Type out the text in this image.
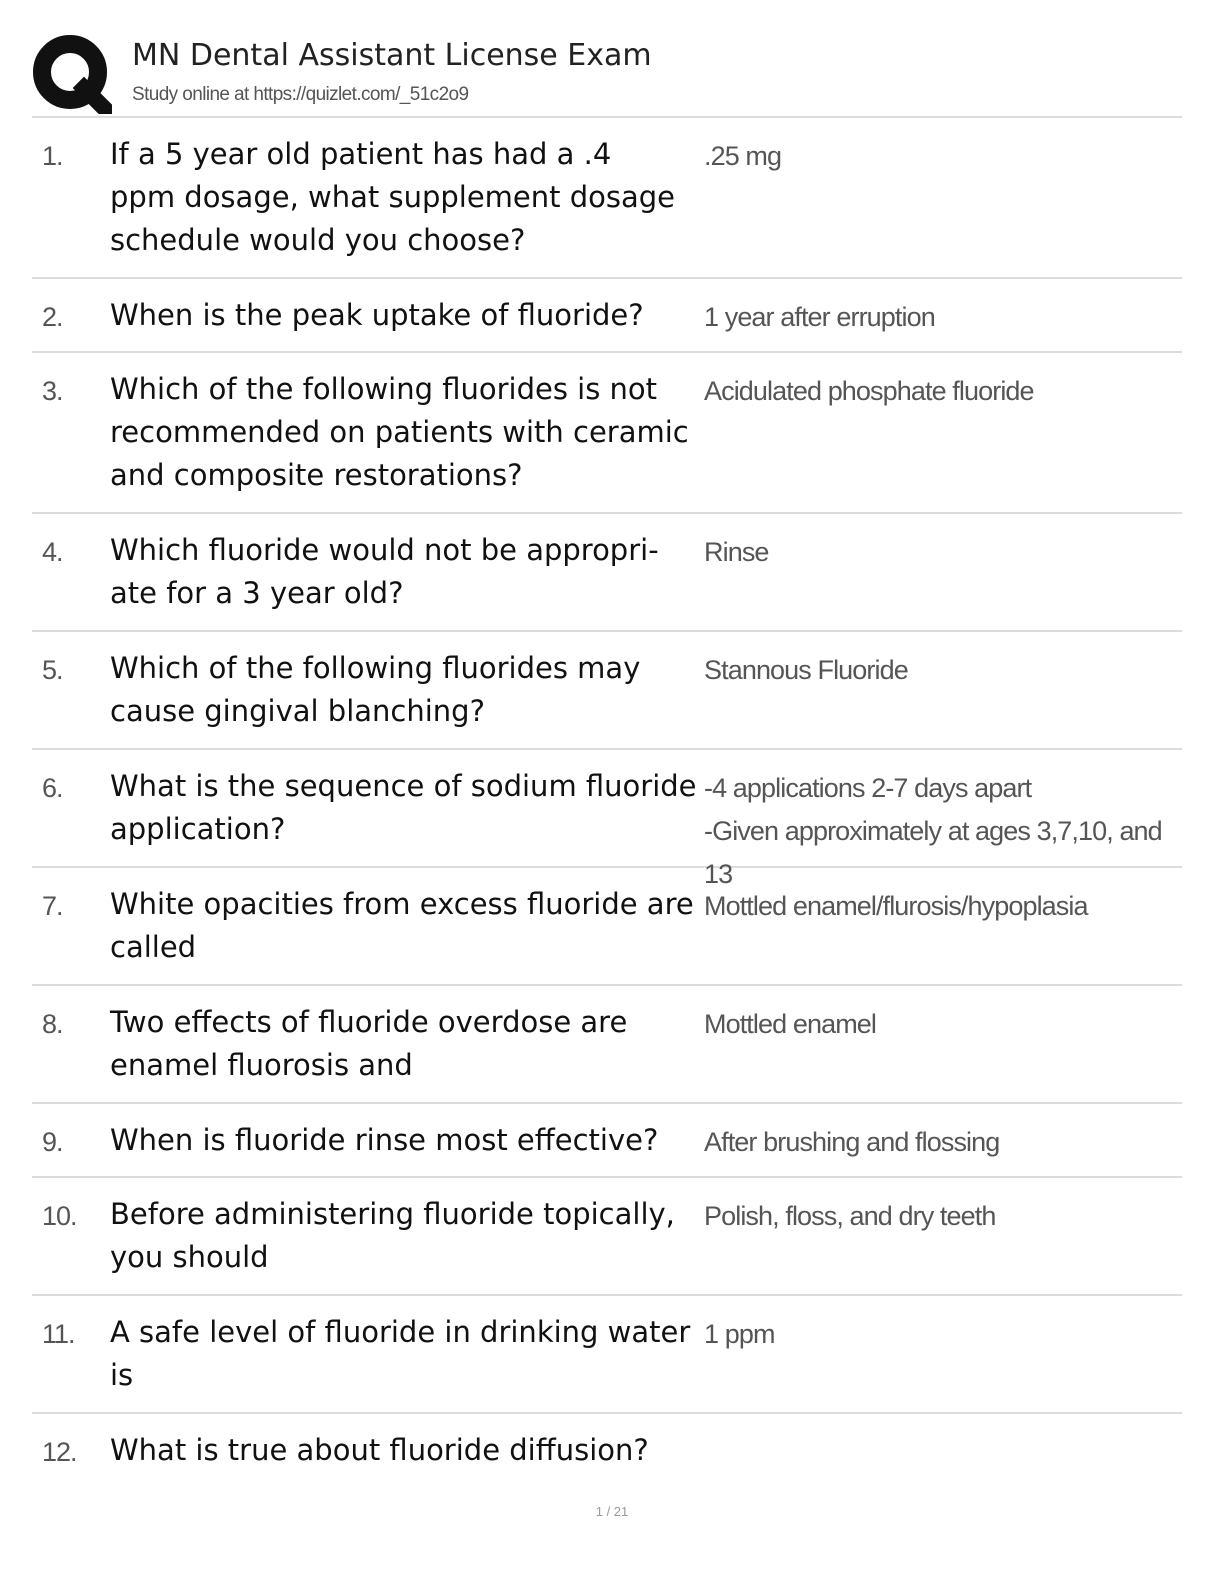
MN Dental Assistant License Exam
Study online at https://quizlet.com/_51c2o9
1. If a 5 year old patient has had a .4
ppm dosage, what supplement dosage
schedule would you choose?
.25 mg
2. When is the peak uptake of fluoride?	1 year after erruption
3. Which of the following fluorides is not
recommended on patients with ceramic
and composite restorations?
Acidulated phosphate fluoride
4. Which fluoride would not be appropri-
ate for a 3 year old?
Rinse
5. Which of the following fluorides may
cause gingival blanching?
Stannous Fluoride
6. What is the sequence of sodium fluoride
application?
-4 applications 2-7 days apart
-Given approximately at ages 3,7,10, and 13
7. White opacities from excess fluoride are
called
Mottled enamel/flurosis/hypoplasia
8. Two effects of fluoride overdose are
enamel fluorosis and
Mottled enamel
9. When is fluoride rinse most effective?	After brushing and flossing
10. Before administering fluoride topically,
you should
Polish, floss, and dry teeth
11. A safe level of fluoride in drinking water
is
1 ppm
12. What is true about fluoride diffusion?
1 / 21
